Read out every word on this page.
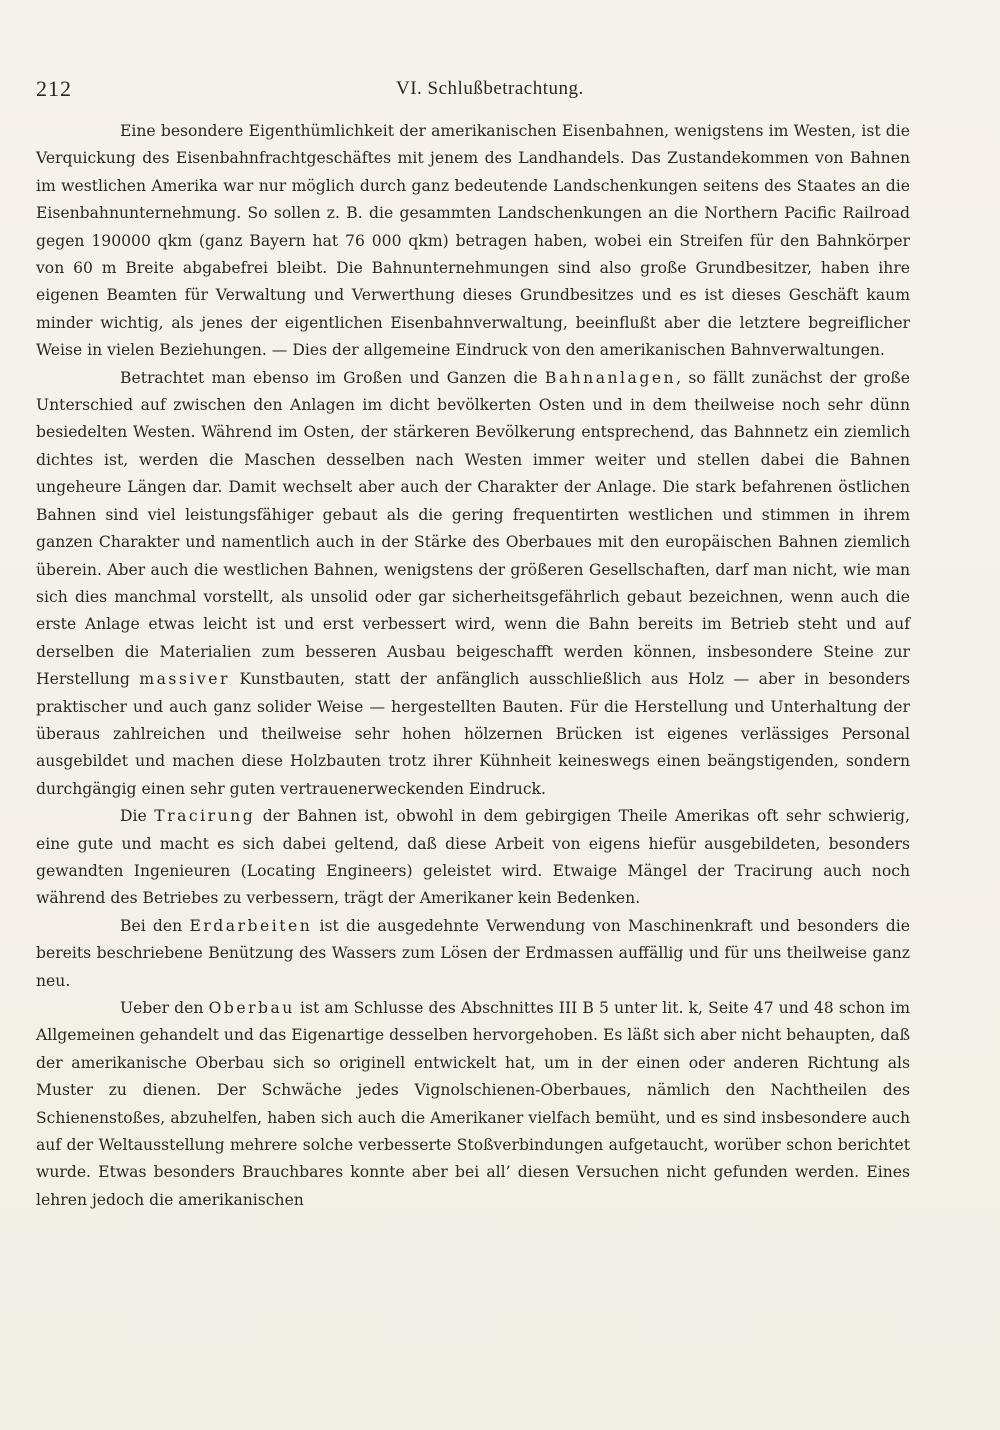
212	VI. Schlußbetrachtung.

Eine besondere Eigenthümlichkeit der amerikanischen Eisenbahnen, wenigstens im Westen, ist die Verquickung des Eisenbahnfrachtgeschäftes mit jenem des Landhandels. Das Zustandekommen von Bahnen im westlichen Amerika war nur möglich durch ganz bedeutende Landschenkungen seitens des Staates an die Eisenbahnunternehmung. So sollen z. B. die gesammten Landschenkungen an die Northern Pacific Railroad gegen 190000 qkm (ganz Bayern hat 76 000 qkm) betragen haben, wobei ein Streifen für den Bahnkörper von 60 m Breite abgabefrei bleibt. Die Bahnunternehmungen sind also große Grundbesitzer, haben ihre eigenen Beamten für Verwaltung und Verwerthung dieses Grundbesitzes und es ist dieses Geschäft kaum minder wichtig, als jenes der eigentlichen Eisenbahnverwaltung, beeinflußt aber die letztere begreiflicher Weise in vielen Beziehungen. — Dies der allgemeine Eindruck von den amerikanischen Bahnverwaltungen.

Betrachtet man ebenso im Großen und Ganzen die Bahnanlagen, so fällt zunächst der große Unterschied auf zwischen den Anlagen im dicht bevölkerten Osten und in dem theilweise noch sehr dünn besiedelten Westen. Während im Osten, der stärkeren Bevölkerung entsprechend, das Bahnnetz ein ziemlich dichtes ist, werden die Maschen desselben nach Westen immer weiter und stellen dabei die Bahnen ungeheure Längen dar. Damit wechselt aber auch der Charakter der Anlage. Die stark befahrenen östlichen Bahnen sind viel leistungsfähiger gebaut als die gering frequentirten westlichen und stimmen in ihrem ganzen Charakter und namentlich auch in der Stärke des Oberbaues mit den europäischen Bahnen ziemlich überein. Aber auch die westlichen Bahnen, wenigstens der größeren Gesellschaften, darf man nicht, wie man sich dies manchmal vorstellt, als unsolid oder gar sicherheitsgefährlich gebaut bezeichnen, wenn auch die erste Anlage etwas leicht ist und erst verbessert wird, wenn die Bahn bereits im Betrieb steht und auf derselben die Materialien zum besseren Ausbau beigeschafft werden können, insbesondere Steine zur Herstellung massiver Kunstbauten, statt der anfänglich ausschließlich aus Holz — aber in besonders praktischer und auch ganz solider Weise — hergestellten Bauten. Für die Herstellung und Unterhaltung der überaus zahlreichen und theilweise sehr hohen hölzernen Brücken ist eigenes verlässiges Personal ausgebildet und machen diese Holzbauten trotz ihrer Kühnheit keineswegs einen beängstigenden, sondern durchgängig einen sehr guten vertrauenerweckenden Eindruck.

Die Tracirung der Bahnen ist, obwohl in dem gebirgigen Theile Amerikas oft sehr schwierig, eine gute und macht es sich dabei geltend, daß diese Arbeit von eigens hiefür ausgebildeten, besonders gewandten Ingenieuren (Locating Engineers) geleistet wird. Etwaige Mängel der Tracirung auch noch während des Betriebes zu verbessern, trägt der Amerikaner kein Bedenken.

Bei den Erdarbeiten ist die ausgedehnte Verwendung von Maschinenkraft und besonders die bereits beschriebene Benützung des Wassers zum Lösen der Erdmassen auffällig und für uns theilweise ganz neu.

Ueber den Oberbau ist am Schlusse des Abschnittes III B 5 unter lit. k, Seite 47 und 48 schon im Allgemeinen gehandelt und das Eigenartige desselben hervorgehoben. Es läßt sich aber nicht behaupten, daß der amerikanische Oberbau sich so originell entwickelt hat, um in der einen oder anderen Richtung als Muster zu dienen. Der Schwäche jedes Vignolschienen-Oberbaues, nämlich den Nachtheilen des Schienenstoßes, abzuhelfen, haben sich auch die Amerikaner vielfach bemüht, und es sind insbesondere auch auf der Weltausstellung mehrere solche verbesserte Stoßverbindungen aufgetaucht, worüber schon berichtet wurde. Etwas besonders Brauchbares konnte aber bei all’ diesen Versuchen nicht gefunden werden. Eines lehren jedoch die amerikanischen
